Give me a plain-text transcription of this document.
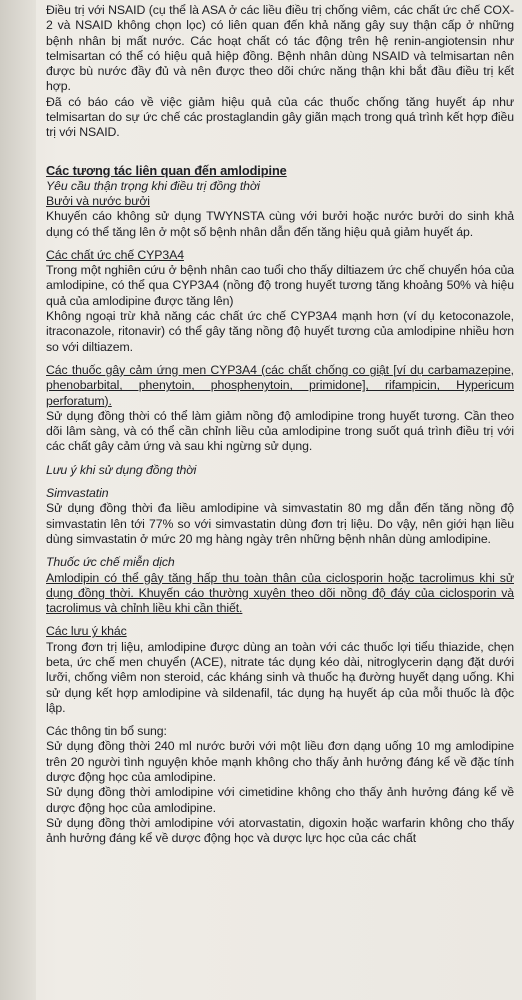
Điều trị với NSAID (cụ thể là ASA ở các liều điều trị chống viêm, các chất ức chế COX-2 và NSAID không chọn lọc) có liên quan đến khả năng gây suy thận cấp ở những bệnh nhân bị mất nước. Các hoạt chất có tác động trên hệ renin-angiotensin như telmisartan có thể có hiệu quả hiệp đồng. Bệnh nhân dùng NSAID và telmisartan nên được bù nước đầy đủ và nên được theo dõi chức năng thận khi bắt đầu điều trị kết hợp.

Đã có báo cáo về việc giảm hiệu quả của các thuốc chống tăng huyết áp như telmisartan do sự ức chế các prostaglandin gây giãn mạch trong quá trình kết hợp điều trị với NSAID.

Các tương tác liên quan đến amlodipine

Yêu cầu thận trọng khi điều trị đồng thời

Bưởi và nước bưởi

Khuyến cáo không sử dụng TWYNSTA cùng với bưởi hoặc nước bưởi do sinh khả dụng có thể tăng lên ở một số bệnh nhân dẫn đến tăng hiệu quả giảm huyết áp.

Các chất ức chế CYP3A4

Trong một nghiên cứu ở bệnh nhân cao tuổi cho thấy diltiazem ức chế chuyển hóa của amlodipine, có thể qua CYP3A4 (nồng độ trong huyết tương tăng khoảng 50% và hiệu quả của amlodipine được tăng lên)

Không ngoại trừ khả năng các chất ức chế CYP3A4 mạnh hơn (ví dụ ketoconazole, itraconazole, ritonavir) có thể gây tăng nồng độ huyết tương của amlodipine nhiều hơn so với diltiazem.

Các thuốc gây cảm ứng men CYP3A4 (các chất chống co giật [ví dụ carbamazepine, phenobarbital, phenytoin, phosphenytoin, primidone], rifampicin, Hypericum perforatum).

Sử dụng đồng thời có thể làm giảm nồng độ amlodipine trong huyết tương. Cần theo dõi lâm sàng, và có thể cần chỉnh liều của amlodipine trong suốt quá trình điều trị với các chất gây cảm ứng và sau khi ngừng sử dụng.

Lưu ý khi sử dụng đồng thời

Simvastatin

Sử dụng đồng thời đa liều amlodipine và simvastatin 80 mg dẫn đến tăng nồng độ simvastatin lên tới 77% so với simvastatin dùng đơn trị liệu. Do vậy, nên giới hạn liều dùng simvastatin ở mức 20 mg hàng ngày trên những bệnh nhân dùng amlodipine.

Thuốc ức chế miễn dịch

Amlodipin có thể gây tăng hấp thu toàn thân của ciclosporin hoặc tacrolimus khi sử dụng đồng thời. Khuyến cáo thường xuyên theo dõi nồng độ đáy của ciclosporin và tacrolimus và chỉnh liều khi cần thiết.

Các lưu ý khác

Trong đơn trị liệu, amlodipine được dùng an toàn với các thuốc lợi tiểu thiazide, chẹn beta, ức chế men chuyển (ACE), nitrate tác dụng kéo dài, nitroglycerin dạng đặt dưới lưỡi, chống viêm non steroid, các kháng sinh và thuốc hạ đường huyết dạng uống. Khi sử dụng kết hợp amlodipine và sildenafil, tác dụng hạ huyết áp của mỗi thuốc là độc lập.

Các thông tin bổ sung:

Sử dụng đồng thời 240 ml nước bưởi với một liều đơn dạng uống 10 mg amlodipine trên 20 người tình nguyện khỏe mạnh không cho thấy ảnh hưởng đáng kể về đặc tính dược động học của amlodipine.

Sử dụng đồng thời amlodipine với cimetidine không cho thấy ảnh hưởng đáng kể về dược động học của amlodipine.

Sử dụng đồng thời amlodipine với atorvastatin, digoxin hoặc warfarin không cho thấy ảnh hưởng đáng kể về dược động học và dược lực học của các chất
